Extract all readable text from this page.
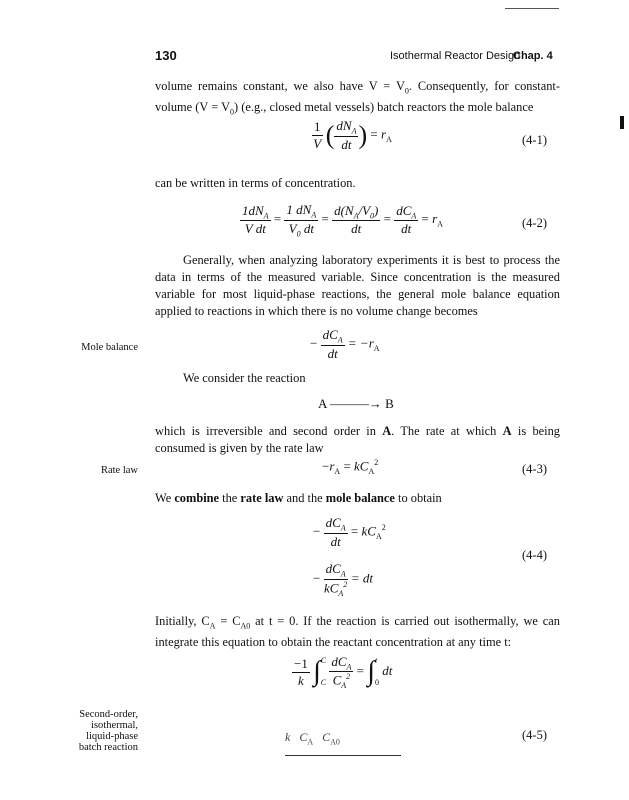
130	Isothermal Reactor Design
Chap. 4
volume remains constant, we also have $V = V_0$. Consequently, for constant-volume $(V = V_0)$ (e.g., closed metal vessels) batch reactors the mole balance
$\frac{1}{V}$ ( $\frac{dN_A}{dt}$ ) = $r_A$	(4-1)
can be written in terms of concentration.
$\frac{1dN_A}{\text{V dt}} = \frac{1 dN_A}{V_0 dt} = \frac{d(N_A/V_0)}{dt} = \frac{dC_A}{dt} = r_A$	(4-2)
Generally, when analyzing laboratory experiments it is best to process the data in terms of the measured variable. Since concentration is the measured variable for most liquid-phase reactions, the general mole balance equation applied to reactions in which there is no volume change becomes
Mole balance	− $\frac{dC_A}{dt} = -r_A$
We consider the reaction
A ———→ B
which is irreversible and second order in A. The rate at which A is being consumed is given by the rate law
Rate law	$-r_A = kC_A^2$	(4-3)
We combine the rate law and the mole balance to obtain
− $\frac{dC_A}{dt} = kC_A^2$
(4-4)
− $\frac{dC_A}{kC_A^2}$ = dt
Initially, $C_A = C_{A0}$ at t = 0. If the reaction is carried out isothermally, we can integrate this equation to obtain the reactant concentration at any time t:
$\frac{-1}{k}$ ∫ C
C
$\frac{dC_A}{C_A^2}$ = ∫ t
0
dt
Second-order,
isothermal,
liquid-phase
batch reaction
k $C_A$ $C_{A0}$	(4-5)
